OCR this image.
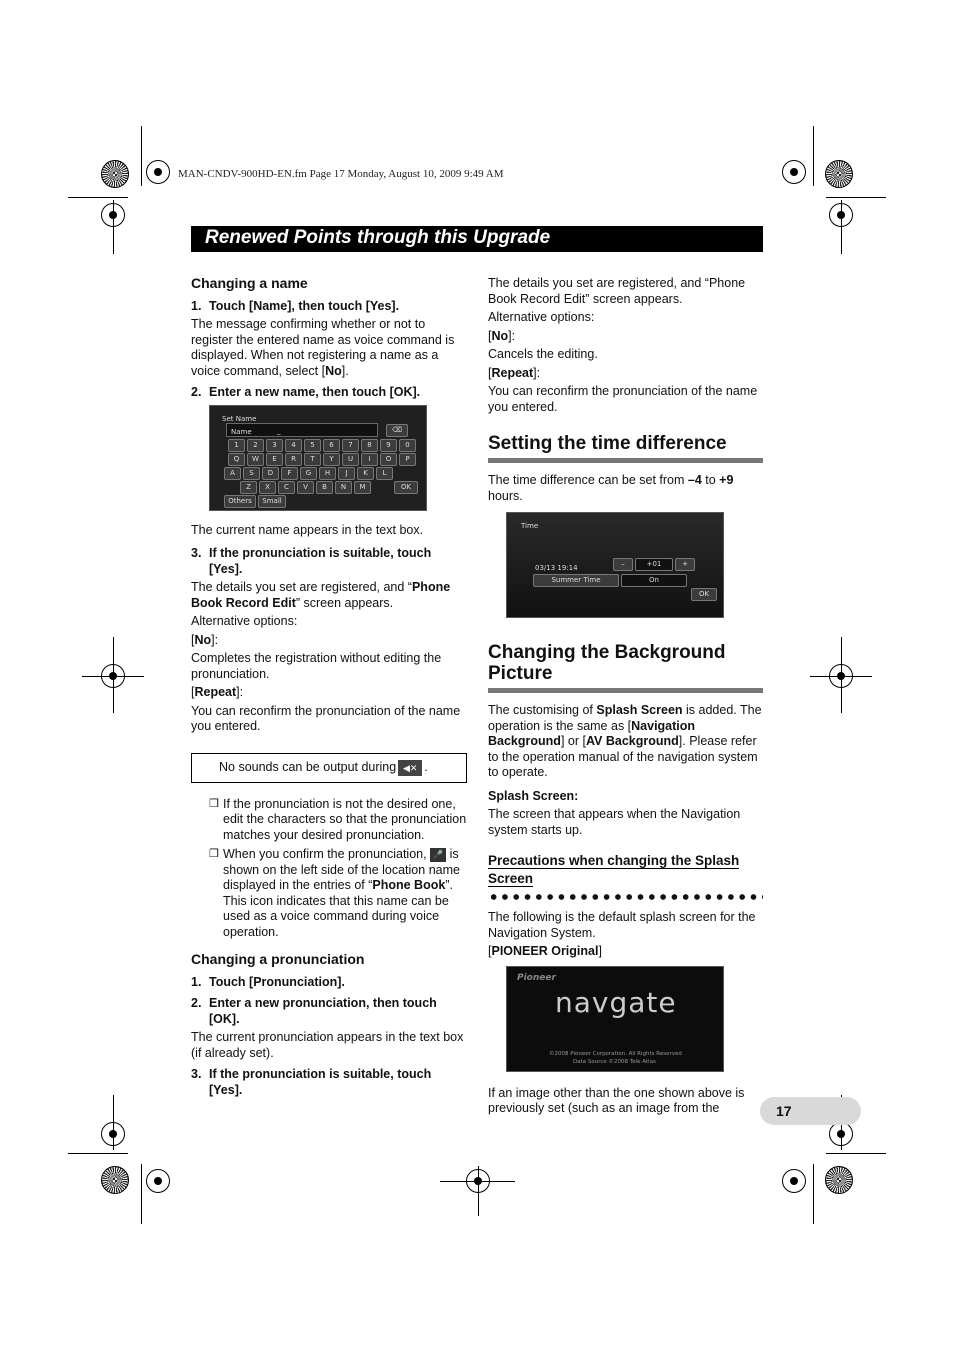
MAN-CNDV-900HD-EN.fm Page 17 Monday, August 10, 2009 9:49 AM
Renewed Points through this Upgrade
Changing a name
1. Touch [Name], then touch [Yes].

The message confirming whether or not to register the entered name as voice command is displayed. When not registering a name as a voice command, select [No].

2. Enter a new name, then touch [OK].
Set Name
Name	_	⌫
1	2	3	4	5	6	7	8	9	0
Q	W	E	R	T	Y	U	I	O	P
A	S	D	F	G	H	J	K	L
Z	X	C	V	B	N	M	OK
Others	Small

The current name appears in the text box.

3. If the pronunciation is suitable, touch [Yes].

The details you set are registered, and “Phone Book Record Edit” screen appears.

Alternative options:

[No]:

Completes the registration without editing the pronunciation.

[Repeat]:

You can reconfirm the pronunciation of the name you entered.

No sounds can be output during ◀✕ .
❒ If the pronunciation is not the desired one, edit the characters so that the pronunciation matches your desired pronunciation.
❒ When you confirm the pronunciation, 🎤 is shown on the left side of the location name displayed in the entries of “Phone Book”. This icon indicates that this name can be used as a voice command during voice operation.
Changing a pronunciation
1. Touch [Pronunciation].
2. Enter a new pronunciation, then touch [OK].

The current pronunciation appears in the text box (if already set).

3. If the pronunciation is suitable, touch [Yes].

The details you set are registered, and “Phone Book Record Edit” screen appears.

Alternative options:

[No]:

Cancels the editing.

[Repeat]:

You can reconfirm the pronunciation of the name you entered.

Setting the time difference

The time difference can be set from –4 to +9 hours.

Time
03/13 19:14	–	+01	+
Summer Time	On
OK
Changing the Background Picture

The customising of Splash Screen is added. The operation is the same as [Navigation Background] or [AV Background]. Please refer to the operation manual of the navigation system to operate.

Splash Screen:

The screen that appears when the Navigation system starts up.

Precautions when changing the Splash Screen

The following is the default splash screen for the Navigation System.

[PIONEER Original]

Pioneer
navgate
©2008 Pioneer Corporation. All Rights Reserved
Data Source ©2008 Tele Atlas

If an image other than the one shown above is previously set (such as an image from the	17
